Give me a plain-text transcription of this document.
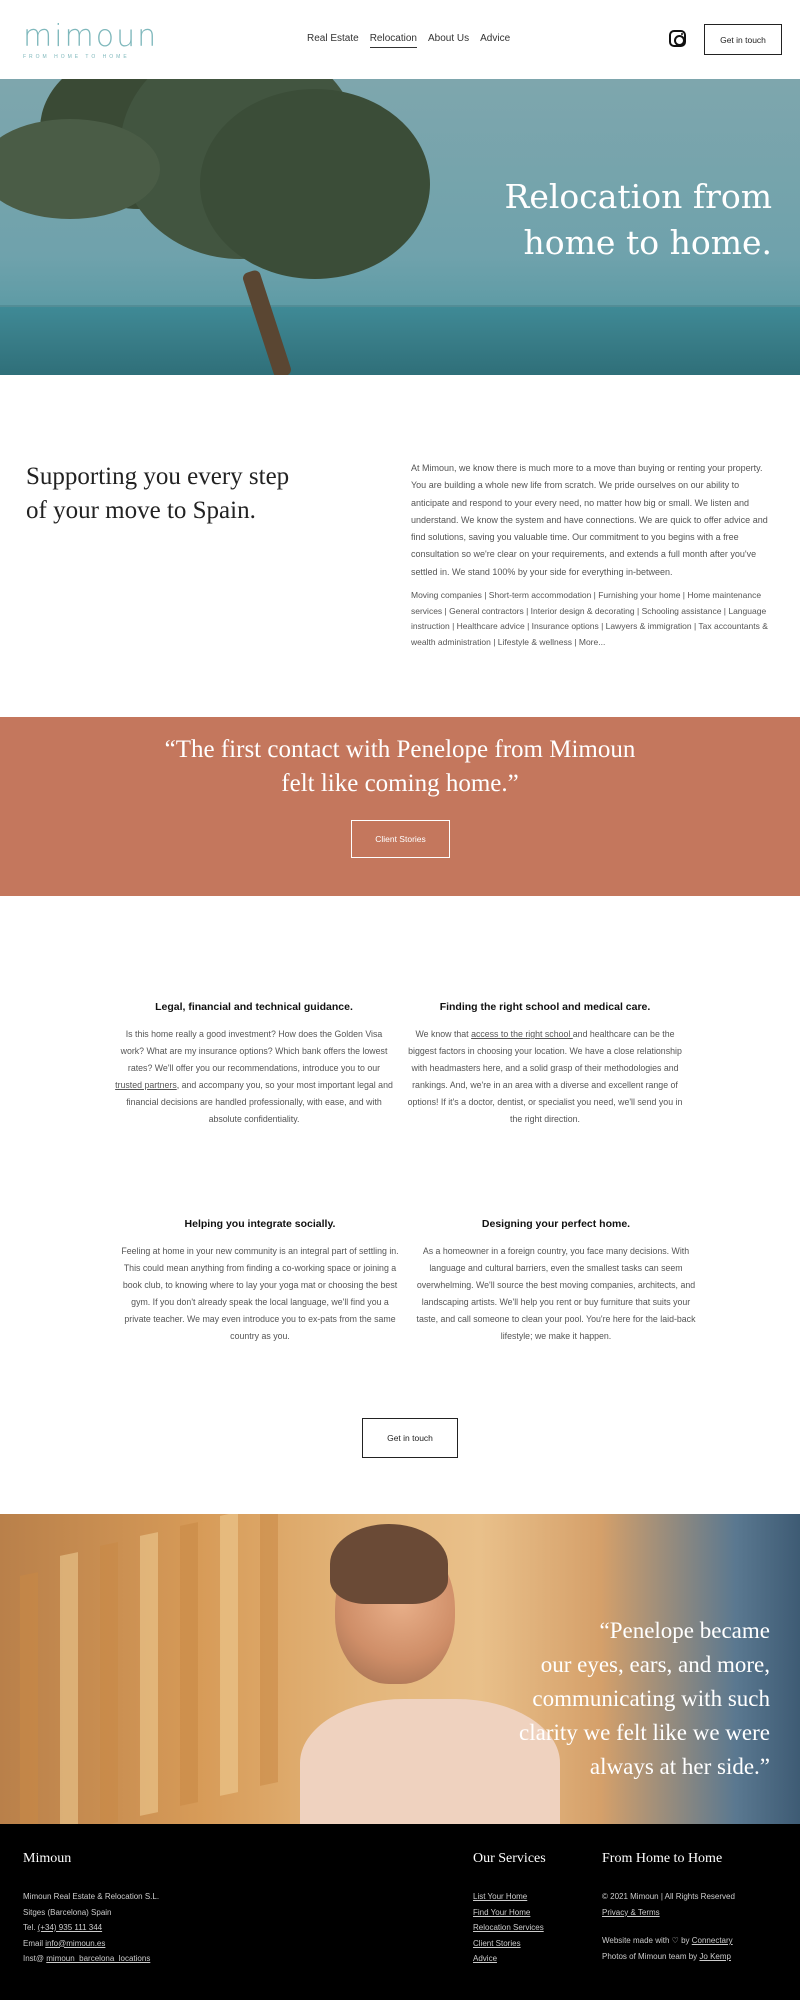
mimoun
FROM HOME TO HOME
Real Estate Relocation About Us Advice	Get in touch
Relocation from
home to home.
Supporting you every step
of your move to Spain.

At Mimoun, we know there is much more to a move than buying or renting your property. You are building a whole new life from scratch. We pride ourselves on our ability to anticipate and respond to your every need, no matter how big or small. We listen and understand. We know the system and have connections. We are quick to offer advice and find solutions, saving you valuable time. Our commitment to you begins with a free consultation so we're clear on your requirements, and extends a full month after you've settled in. We stand 100% by your side for everything in-between.

Moving companies | Short-term accommodation | Furnishing your home | Home maintenance services | General contractors | Interior design & decorating | Schooling assistance | Language instruction | Healthcare advice | Insurance options | Lawyers & immigration | Tax accountants & wealth administration | Lifestyle & wellness | More...

“The first contact with Penelope from Mimoun
felt like coming home.”
Client Stories
Legal, financial and technical guidance.

Is this home really a good investment? How does the Golden Visa work? What are my insurance options? Which bank offers the lowest rates? We'll offer you our recommendations, introduce you to our trusted partners, and accompany you, so your most important legal and financial decisions are handled professionally, with ease, and with absolute confidentiality.

Finding the right school and medical care.

We know that access to the right school and healthcare can be the biggest factors in choosing your location. We have a close relationship with headmasters here, and a solid grasp of their methodologies and rankings. And, we're in an area with a diverse and excellent range of options! If it's a doctor, dentist, or specialist you need, we'll send you in the right direction.

Helping you integrate socially.

Feeling at home in your new community is an integral part of settling in. This could mean anything from finding a co-working space or joining a book club, to knowing where to lay your yoga mat or choosing the best gym. If you don't already speak the local language, we'll find you a private teacher. We may even introduce you to ex-pats from the same country as you.

Designing your perfect home.

As a homeowner in a foreign country, you face many decisions. With language and cultural barriers, even the smallest tasks can seem overwhelming. We'll source the best moving companies, architects, and landscaping artists. We'll help you rent or buy furniture that suits your taste, and call someone to clean your pool. You're here for the laid-back lifestyle; we make it happen.

Get in touch
“Penelope became
our eyes, ears, and more,
communicating with such
clarity we felt like we were
always at her side.”
Mimoun
Mimoun Real Estate & Relocation S.L.
Sitges (Barcelona) Spain
Tel. (+34) 935 111 344
Email info@mimoun.es
Inst@ mimoun_barcelona_locations
Our Services
List Your Home
Find Your Home
Relocation Services
Client Stories
Advice
From Home to Home
© 2021 Mimoun | All Rights Reserved
Privacy & Terms
Website made with ♡ by Connectary
Photos of Mimoun team by Jo Kemp
